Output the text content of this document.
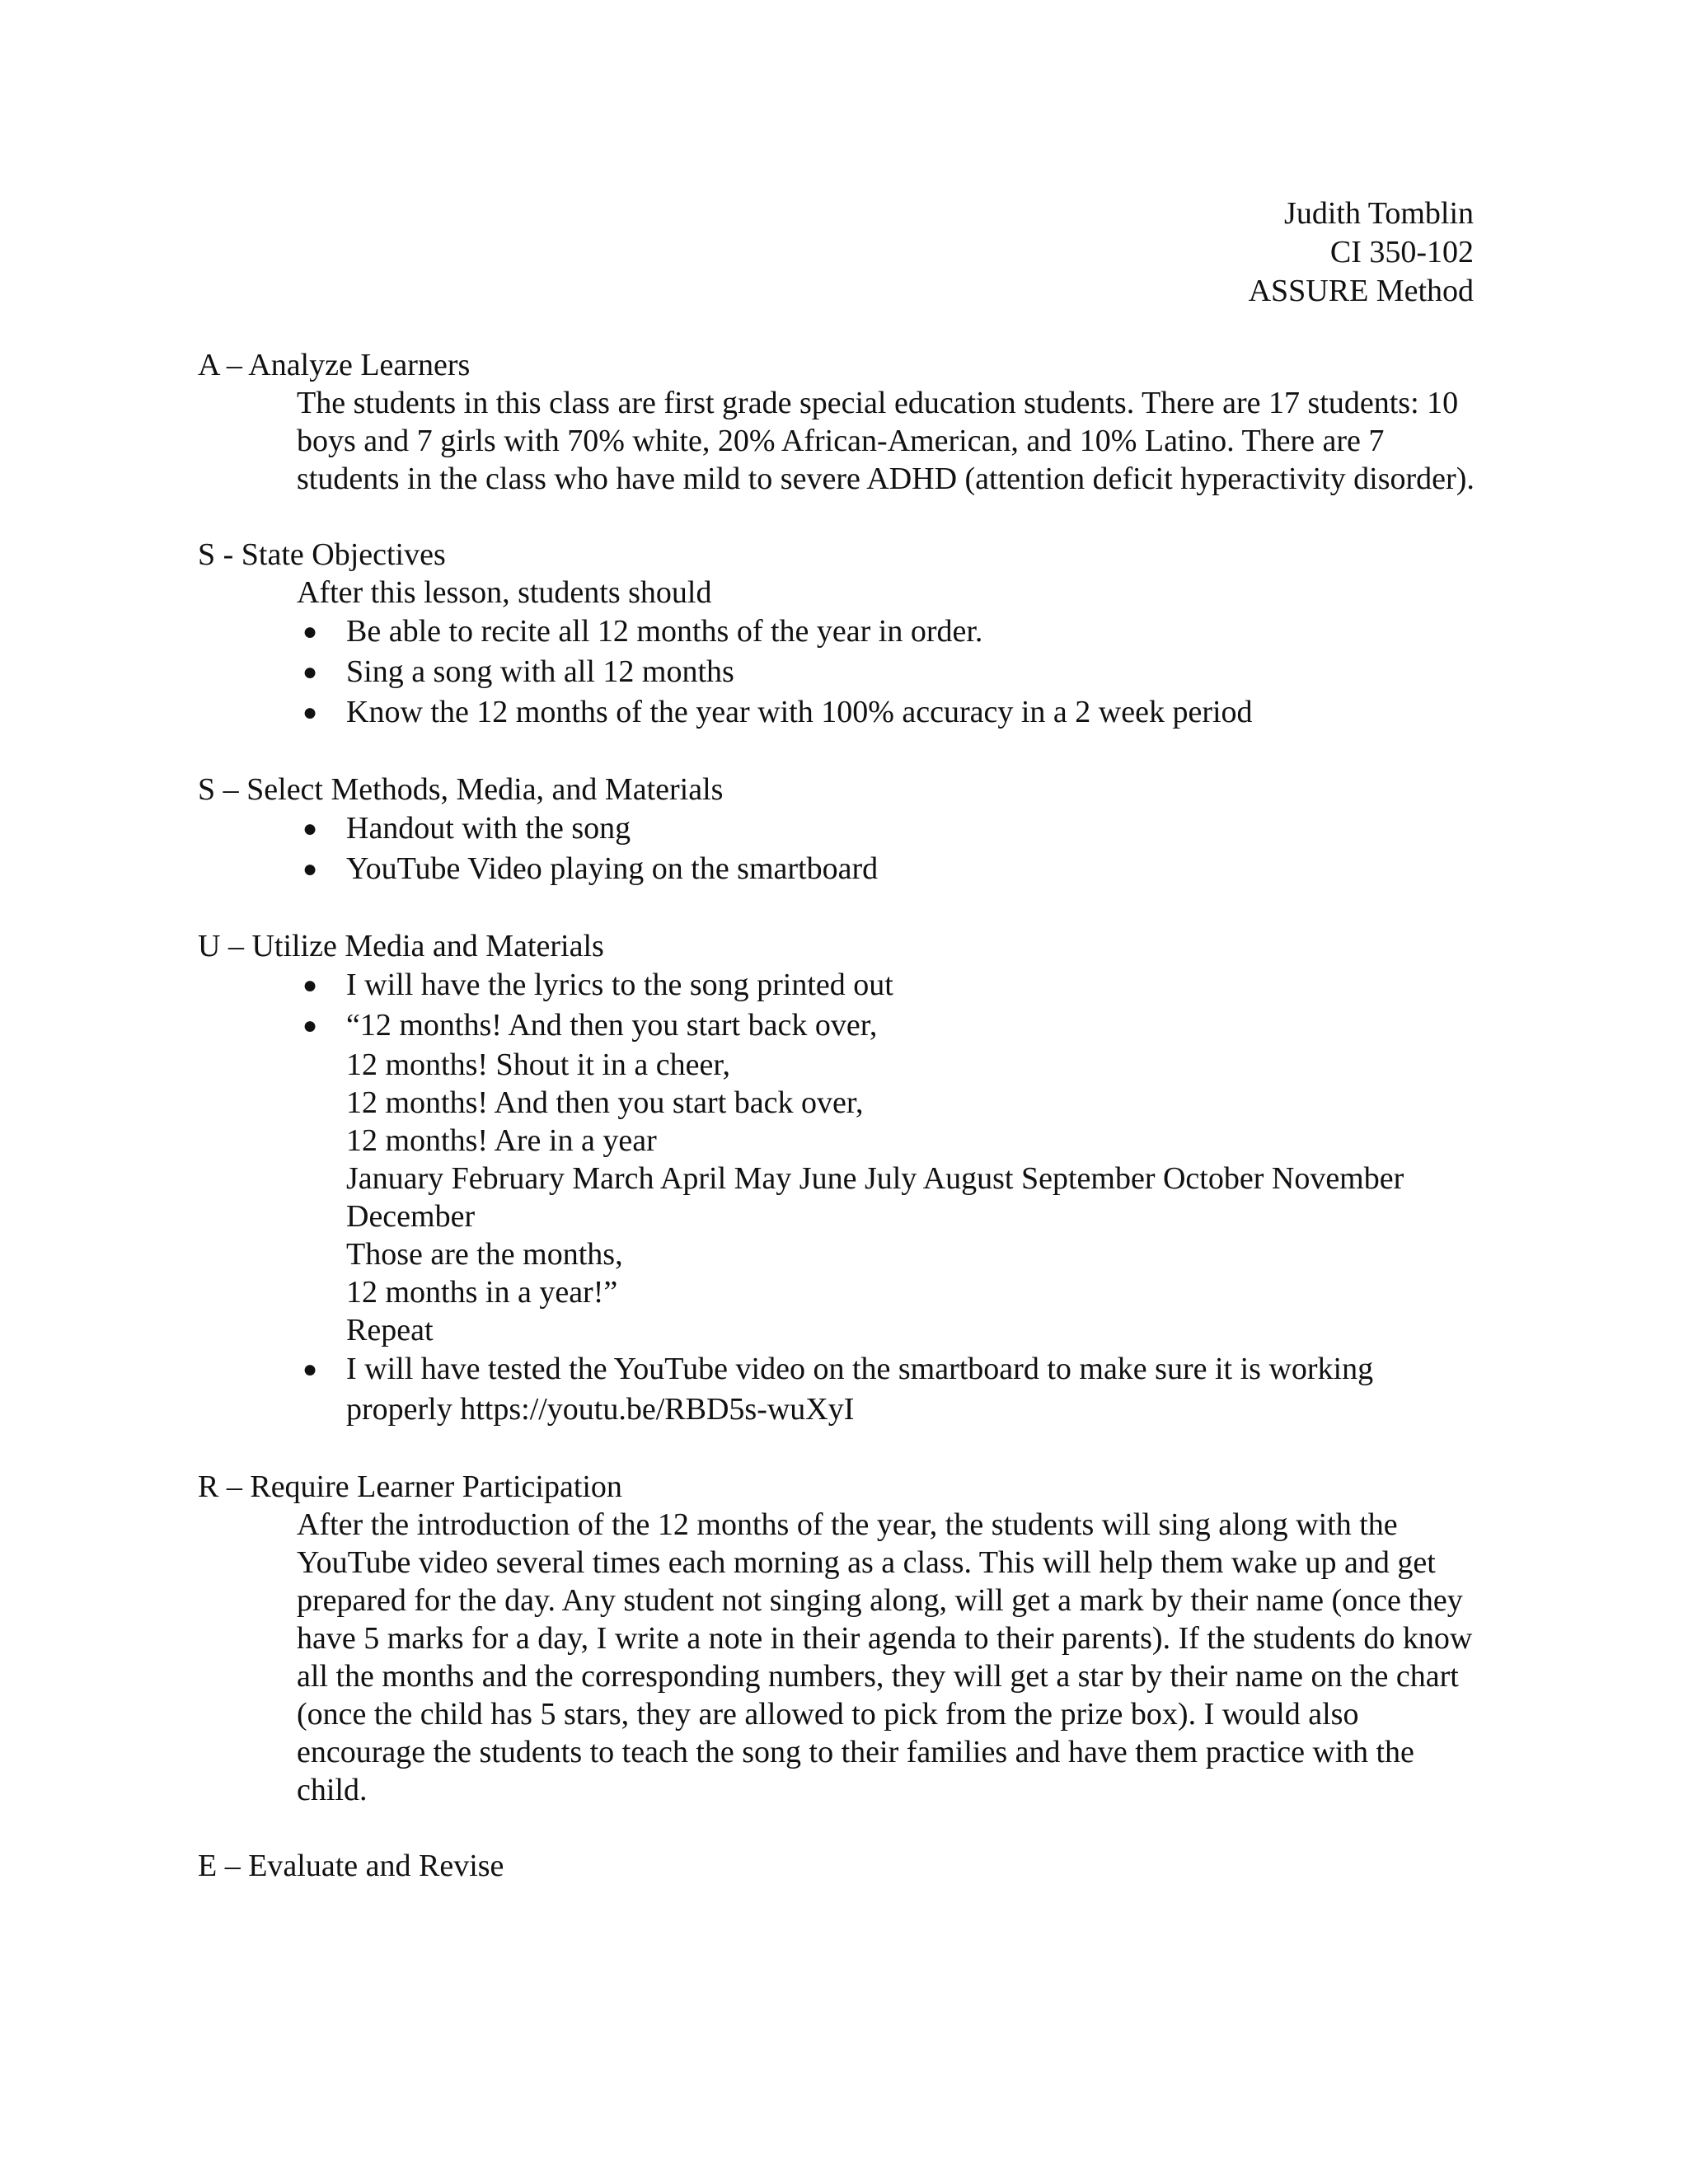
Judith Tomblin
CI 350-102
ASSURE Method
A – Analyze Learners
The students in this class are first grade special education students. There are 17 students: 10 boys and 7 girls with 70% white, 20% African-American, and 10% Latino. There are 7 students in the class who have mild to severe ADHD (attention deficit hyperactivity disorder).
S - State Objectives
After this lesson, students should
● Be able to recite all 12 months of the year in order.
● Sing a song with all 12 months
● Know the 12 months of the year with 100% accuracy in a 2 week period
S – Select Methods, Media, and Materials
● Handout with the song
● YouTube Video playing on the smartboard
U – Utilize Media and Materials
● I will have the lyrics to the song printed out
● “12 months! And then you start back over,
12 months! Shout it in a cheer,
12 months! And then you start back over,
12 months! Are in a year
January February March April May June July August September October November December
Those are the months,
12 months in a year!”
Repeat
● I will have tested the YouTube video on the smartboard to make sure it is working properly https://youtu.be/RBD5s-wuXyI
R – Require Learner Participation
After the introduction of the 12 months of the year, the students will sing along with the YouTube video several times each morning as a class. This will help them wake up and get prepared for the day. Any student not singing along, will get a mark by their name (once they have 5 marks for a day, I write a note in their agenda to their parents). If the students do know all the months and the corresponding numbers, they will get a star by their name on the chart (once the child has 5 stars, they are allowed to pick from the prize box). I would also encourage the students to teach the song to their families and have them practice with the child.
E – Evaluate and Revise
